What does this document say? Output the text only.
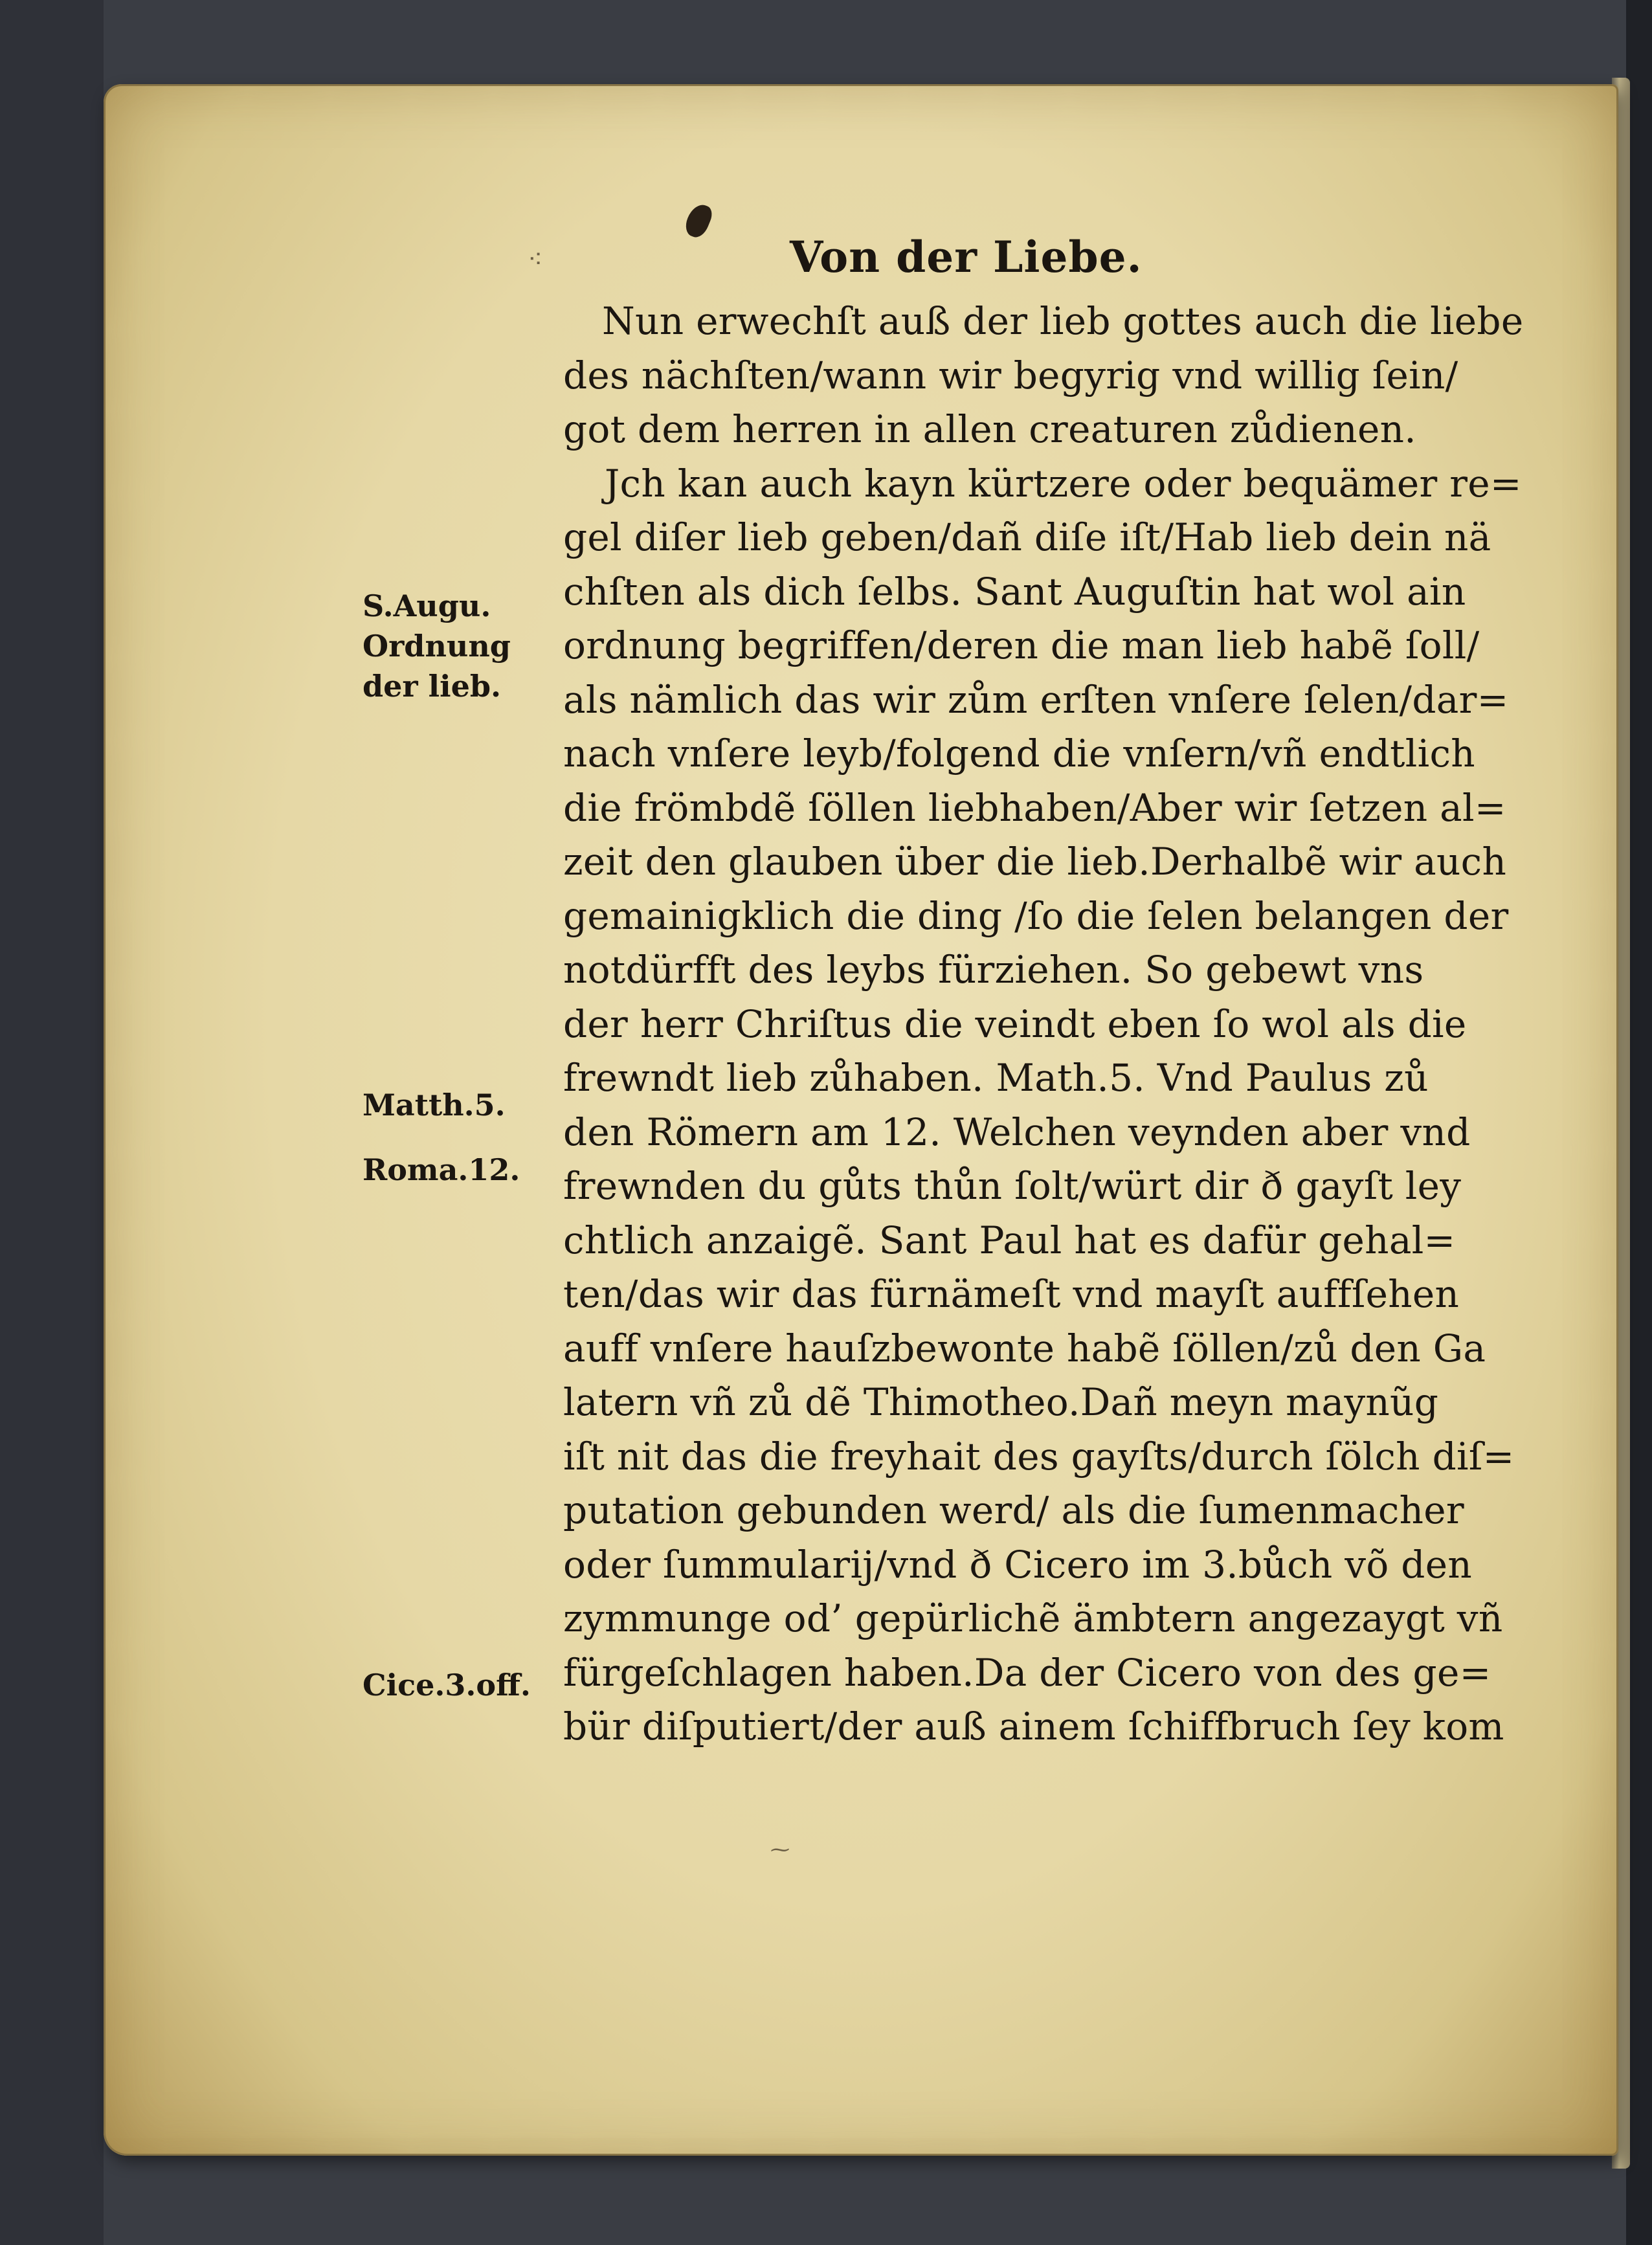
⁖	Von der Liebe.
Nun erwechſt auß der lieb gottes auch die liebe
des nächſten/wann wir begyrig vnd willig ſein/
got dem herren in allen creaturen zůdienen.
Jch kan auch kayn kürtzere oder bequämer re=
gel diſer lieb geben/dañ diſe iſt/Hab lieb dein nä
chſten als dich ſelbs. Sant Auguſtin hat wol ain
ordnung begriffen/deren die man lieb habẽ ſoll/
als nämlich das wir zům erſten vnſere ſelen/dar=
nach vnſere leyb/folgend die vnſern/vñ endtlich
die frömbdẽ ſöllen liebhaben/Aber wir ſetzen al=
zeit den glauben über die lieb.Derhalbẽ wir auch
gemainigklich die ding /ſo die ſelen belangen der
notdürfft des leybs fürziehen. So gebewt vns
der herr Chriſtus die veindt eben ſo wol als die
frewndt lieb zůhaben. Math.5. Vnd Paulus zů
den Römern am 12. Welchen veynden aber vnd
frewnden du gůts thůn ſolt/würt dir ð gayſt ley
chtlich anzaigẽ. Sant Paul hat es dafür gehal=
ten/das wir das fürnämeſt vnd mayſt auffſehen
auff vnſere hauſzbewonte habẽ ſöllen/zů den Ga
latern vñ zů dẽ Thimotheo.Dañ meyn maynũg
iſt nit das die freyhait des gayſts/durch ſölch diſ=
putation gebunden werd/ als die ſumenmacher
oder ſummularij/vnd ð Cicero im 3.bůch võ den
zymmunge od’ gepürlichẽ ämbtern angezaygt vñ
fürgeſchlagen haben.Da der Cicero von des ge=
bür diſputiert/der auß ainem ſchiffbruch ſey kom
S.Augu.
Ordnung
der lieb.
Matth.5.
Roma.12.
Cice.3.off.
⁓
